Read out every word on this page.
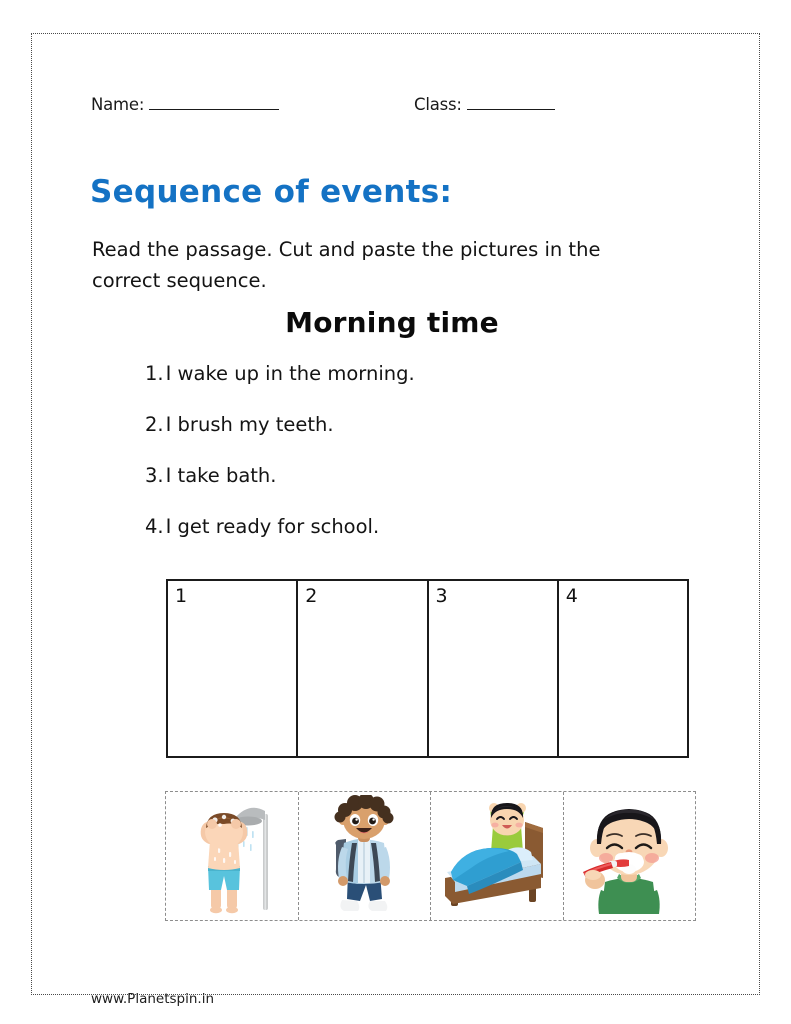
Name:	Class:
Sequence of events:
Read the passage. Cut and paste the pictures in the correct sequence.
Morning time
1. I wake up in the morning.
2. I brush my teeth.
3. I take bath.
4. I get ready for school.
1	2	3	4
www.Planetspin.in
